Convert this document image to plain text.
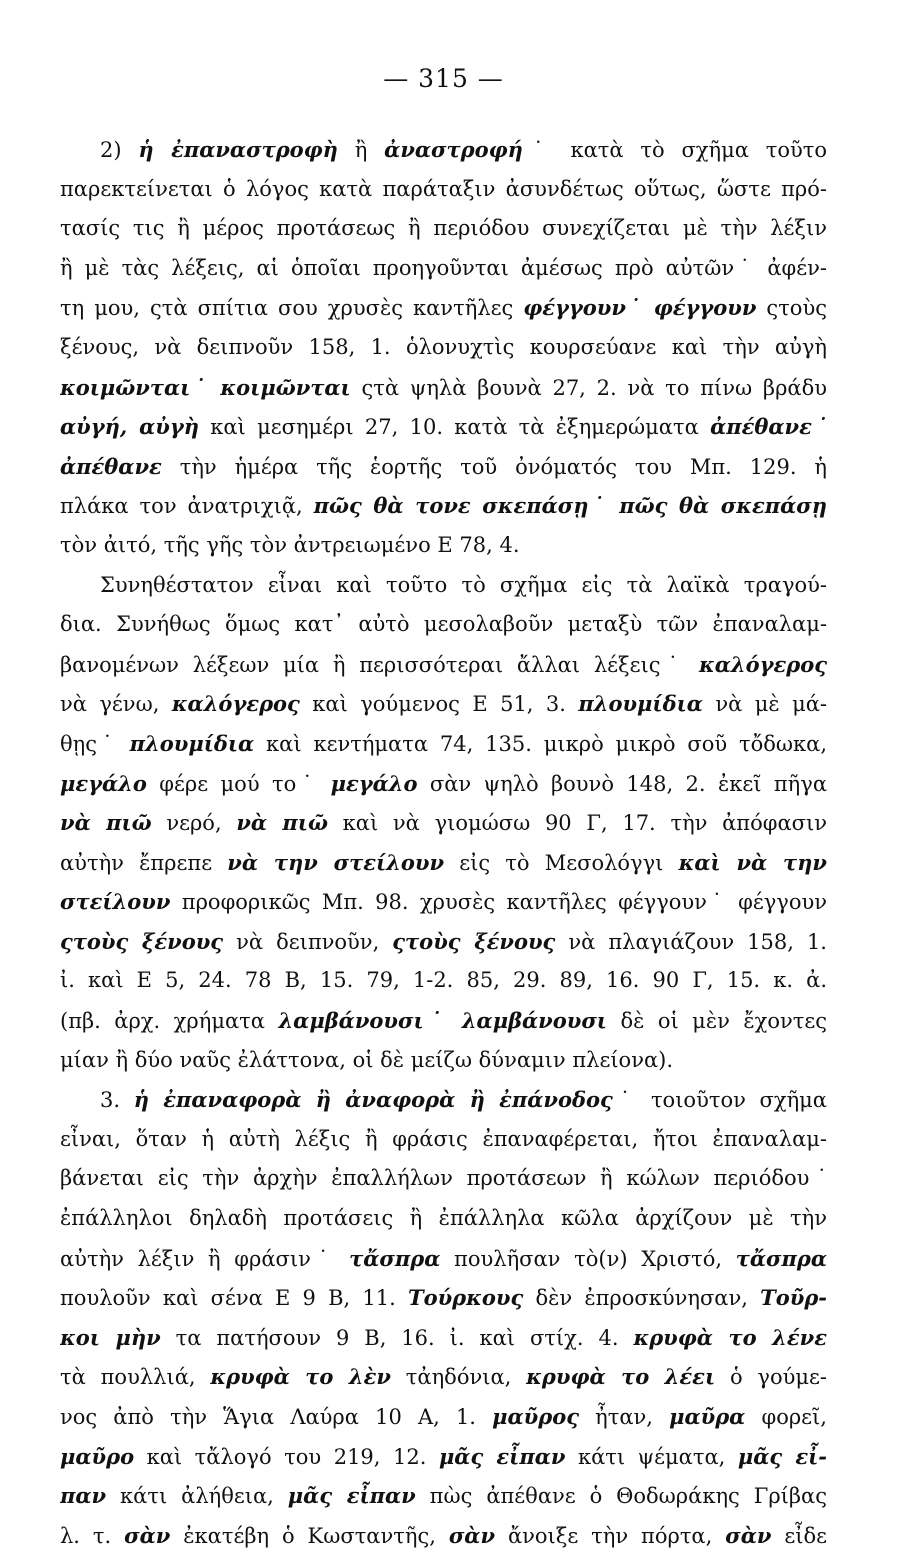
— 315 —
2) ἡ ἐπαναστροφὴ ἢ ἀναστροφή˙ κατὰ τὸ σχῆμα τοῦτο
παρεκτείνεται ὁ λόγος κατὰ παράταξιν ἀσυνδέτως οὕτως, ὥστε πρό-
τασίς τις ἢ μέρος προτάσεως ἢ περιόδου συνεχίζεται μὲ τὴν λέξιν
ἢ μὲ τὰς λέξεις, αἱ ὁποῖαι προηγοῦνται ἀμέσως πρὸ αὐτῶν˙ ἀφέν-
τη μου, ςτὰ σπίτια σου χρυσὲς καντῆλες φέγγουν˙ φέγγουν ςτοὺς
ξένους, νὰ δειπνοῦν 158, 1. ὁλονυχτὶς κουρσεύανε καὶ τὴν αὐγὴ
κοιμῶνται˙ κοιμῶνται ςτὰ ψηλὰ βουνὰ 27, 2. νὰ το πίνω βράδυ
αὐγή, αὐγὴ καὶ μεσημέρι 27, 10. κατὰ τὰ ἐξημερώματα ἀπέθανε˙
ἀπέθανε τὴν ἡμέρα τῆς ἑορτῆς τοῦ ὀνόματός του Μπ. 129. ἡ
πλάκα τον ἀνατριχιᾷ, πῶς θὰ τονε σκεπάσῃ˙ πῶς θὰ σκεπάσῃ
τὸν ἀιτό, τῆς γῆς τὸν ἀντρειωμένο Ε 78, 4.
Συνηθέστατον εἶναι καὶ τοῦτο τὸ σχῆμα εἰς τὰ λαϊκὰ τραγού-
δια. Συνήθως ὅμως κατ᾽ αὐτὸ μεσολαβοῦν μεταξὺ τῶν ἐπαναλαμ-
βανομένων λέξεων μία ἢ περισσότεραι ἄλλαι λέξεις˙ καλόγερος
νὰ γένω, καλόγερος καὶ γούμενος Ε 51, 3. πλουμίδια νὰ μὲ μά-
θῃς˙ πλουμίδια καὶ κεντήματα 74, 135. μικρὸ μικρὸ σοῦ τὄδωκα,
μεγάλο φέρε μού το˙ μεγάλο σὰν ψηλὸ βουνὸ 148, 2. ἐκεῖ πῆγα
νὰ πιῶ νερό, νὰ πιῶ καὶ νὰ γιομώσω 90 Γ, 17. τὴν ἀπόφασιν
αὐτὴν ἔπρεπε νὰ την στείλουν εἰς τὸ Μεσολόγγι καὶ νὰ την
στείλουν προφορικῶς Μπ. 98. χρυσὲς καντῆλες φέγγουν˙ φέγγουν
ςτοὺς ξένους νὰ δειπνοῦν, ςτοὺς ξένους νὰ πλαγιάζουν 158, 1.
ἰ. καὶ Ε 5, 24. 78 Β, 15. 79, 1-2. 85, 29. 89, 16. 90 Γ, 15. κ. ἀ.
(πβ. ἀρχ. χρήματα λαμβάνουσι˙ λαμβάνουσι δὲ οἱ μὲν ἔχοντες
μίαν ἢ δύο ναῦς ἐλάττονα, οἱ δὲ μείζω δύναμιν πλείονα).
3. ἡ ἐπαναφορὰ ἢ ἀναφορὰ ἢ ἐπάνοδος˙ τοιοῦτον σχῆμα
εἶναι, ὅταν ἡ αὐτὴ λέξις ἢ φράσις ἐπαναφέρεται, ἤτοι ἐπαναλαμ-
βάνεται εἰς τὴν ἀρχὴν ἐπαλλήλων προτάσεων ἢ κώλων περιόδου˙
ἐπάλληλοι δηλαδὴ προτάσεις ἢ ἐπάλληλα κῶλα ἀρχίζουν μὲ τὴν
αὐτὴν λέξιν ἢ φράσιν˙ τἄσπρα πουλῆσαν τὸ(ν) Χριστό, τἄσπρα
πουλοῦν καὶ σένα Ε 9 Β, 11. Τούρκους δὲν ἐπροσκύνησαν, Τοῦρ-
κοι μὴν τα πατήσουν 9 Β, 16. ἰ. καὶ στίχ. 4. κρυφὰ το λένε
τὰ πουλλιά, κρυφὰ το λὲν τἀηδόνια, κρυφὰ το λέει ὁ γούμε-
νος ἀπὸ τὴν Ἅγια Λαύρα 10 Α, 1. μαῦρος ἦταν, μαῦρα φορεῖ,
μαῦρο καὶ τἄλογό του 219, 12. μᾶς εἶπαν κάτι ψέματα, μᾶς εἶ-
παν κάτι ἀλήθεια, μᾶς εἶπαν πὼς ἀπέθανε ὁ Θοδωράκης Γρίβας
λ. τ. σὰν ἐκατέβη ὁ Κωσταντῆς, σὰν ἄνοιξε τὴν πόρτα, σὰν εἶδε
